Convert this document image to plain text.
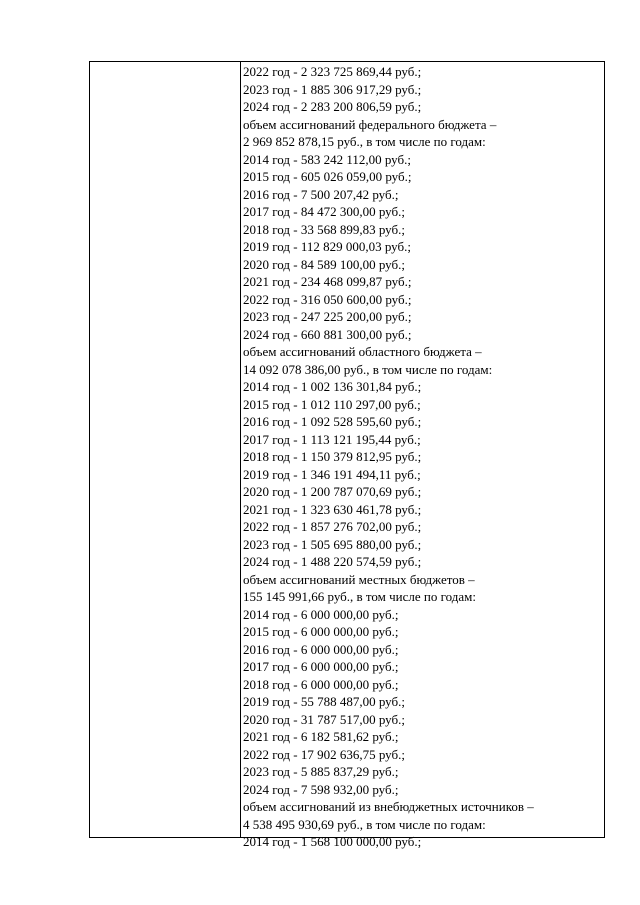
2022 год - 2 323 725 869,44 руб.;
2023 год - 1 885 306 917,29 руб.;
2024 год - 2 283 200 806,59 руб.;
объем ассигнований федерального бюджета –
2 969 852 878,15 руб., в том числе по годам:
2014 год - 583 242 112,00 руб.;
2015 год - 605 026 059,00 руб.;
2016 год - 7 500 207,42 руб.;
2017 год - 84 472 300,00 руб.;
2018 год - 33 568 899,83 руб.;
2019 год - 112 829 000,03 руб.;
2020 год - 84 589 100,00 руб.;
2021 год - 234 468 099,87 руб.;
2022 год - 316 050 600,00 руб.;
2023 год - 247 225 200,00 руб.;
2024 год - 660 881 300,00 руб.;
объем ассигнований областного бюджета –
14 092 078 386,00 руб., в том числе по годам:
2014 год - 1 002 136 301,84 руб.;
2015 год - 1 012 110 297,00 руб.;
2016 год - 1 092 528 595,60 руб.;
2017 год - 1 113 121 195,44 руб.;
2018 год - 1 150 379 812,95 руб.;
2019 год - 1 346 191 494,11 руб.;
2020 год - 1 200 787 070,69 руб.;
2021 год - 1 323 630 461,78 руб.;
2022 год - 1 857 276 702,00 руб.;
2023 год - 1 505 695 880,00 руб.;
2024 год - 1 488 220 574,59 руб.;
объем ассигнований местных бюджетов –
155 145 991,66 руб., в том числе по годам:
2014 год - 6 000 000,00 руб.;
2015 год - 6 000 000,00 руб.;
2016 год - 6 000 000,00 руб.;
2017 год - 6 000 000,00 руб.;
2018 год - 6 000 000,00 руб.;
2019 год - 55 788 487,00 руб.;
2020 год - 31 787 517,00 руб.;
2021 год - 6 182 581,62 руб.;
2022 год - 17 902 636,75 руб.;
2023 год - 5 885 837,29 руб.;
2024 год - 7 598 932,00 руб.;
объем ассигнований из внебюджетных источников –
4 538 495 930,69 руб., в том числе по годам:
2014 год - 1 568 100 000,00 руб.;
